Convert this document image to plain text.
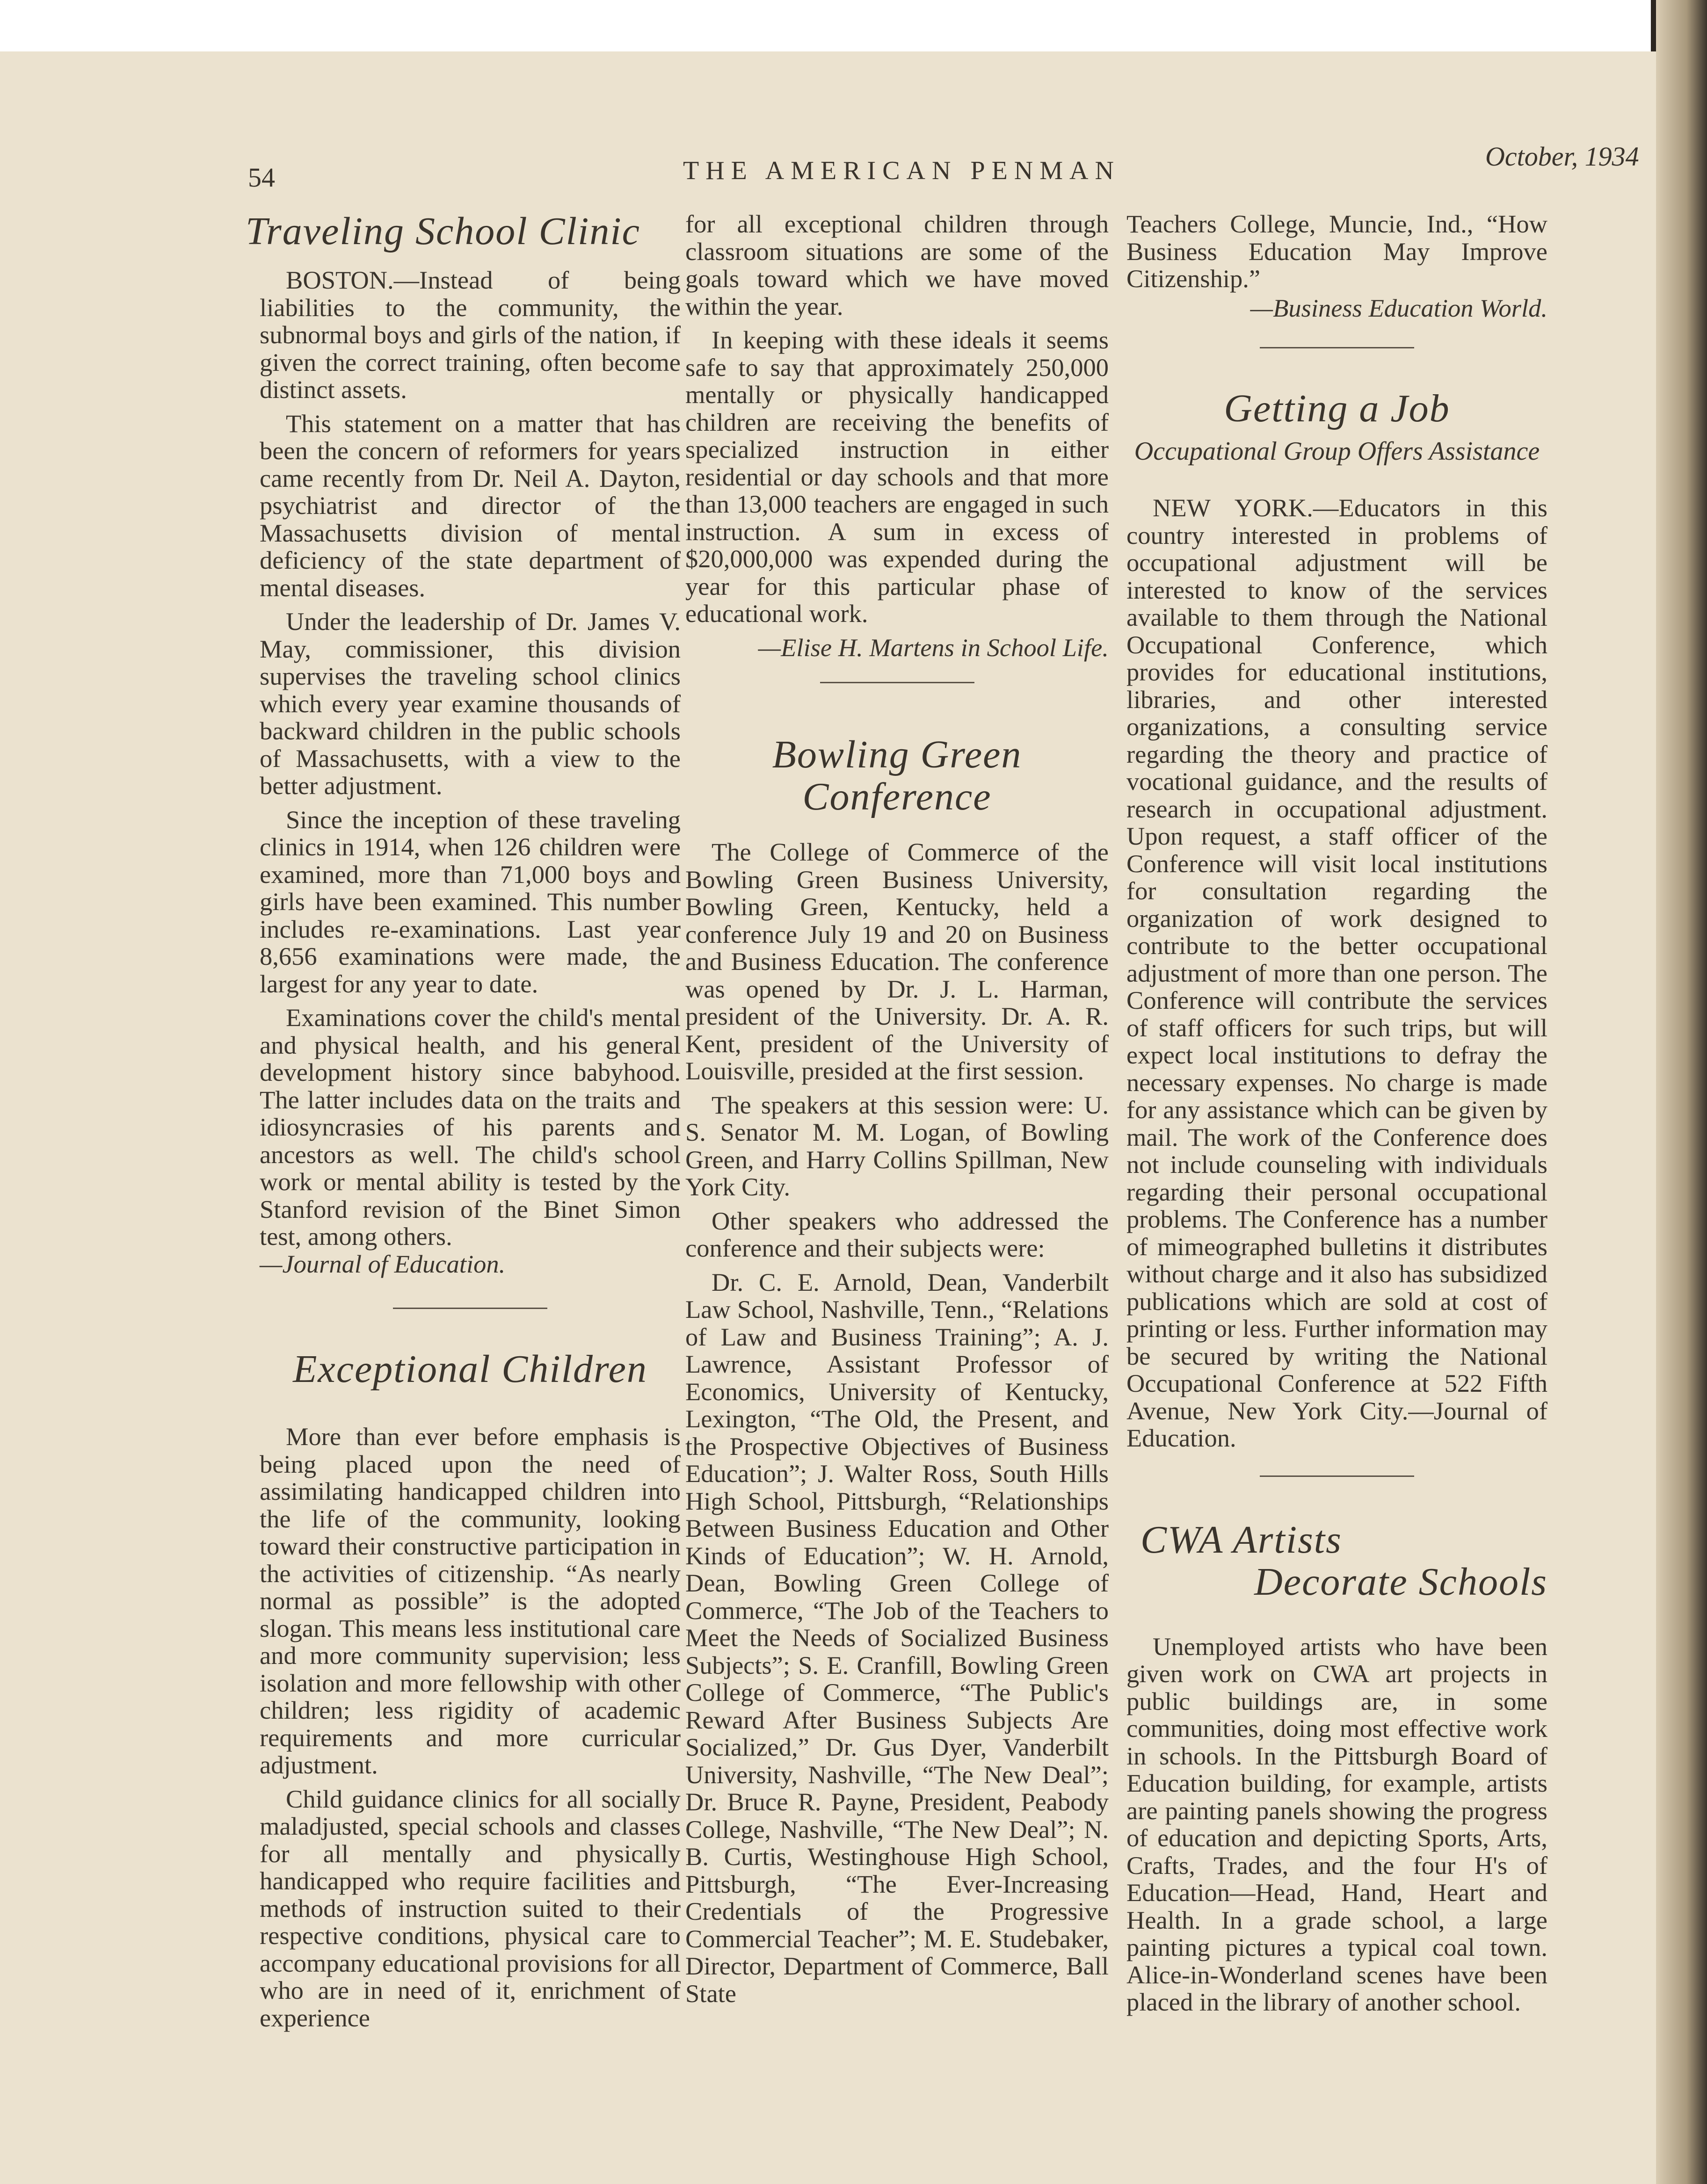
54	THE AMERICAN PENMAN	October, 1934
Traveling School Clinic

BOSTON.—Instead of being liabilities to the community, the subnormal boys and girls of the nation, if given the correct training, often become distinct assets.

This statement on a matter that has been the concern of reformers for years came recently from Dr. Neil A. Dayton, psychiatrist and director of the Massachusetts division of mental deficiency of the state department of mental diseases.

Under the leadership of Dr. James V. May, commissioner, this division supervises the traveling school clinics which every year examine thousands of backward children in the public schools of Massachusetts, with a view to the better adjustment.

Since the inception of these traveling clinics in 1914, when 126 children were examined, more than 71,000 boys and girls have been examined. This number includes re-examinations. Last year 8,656 examinations were made, the largest for any year to date.

Examinations cover the child's mental and physical health, and his general development history since babyhood. The latter includes data on the traits and idiosyncrasies of his parents and ancestors as well. The child's school work or mental ability is tested by the Stanford revision of the Binet Simon test, among others.

—Journal of Education.

Exceptional Children

More than ever before emphasis is being placed upon the need of assimilating handicapped children into the life of the community, looking toward their constructive participation in the activities of citizenship. “As nearly normal as possible” is the adopted slogan. This means less institutional care and more community supervision; less isolation and more fellowship with other children; less rigidity of academic requirements and more curricular adjustment.

Child guidance clinics for all socially maladjusted, special schools and classes for all mentally and physically handicapped who require facilities and methods of instruction suited to their respective conditions, physical care to accompany educational provisions for all who are in need of it, enrichment of experience

for all exceptional children through classroom situations are some of the goals toward which we have moved within the year.

In keeping with these ideals it seems safe to say that approximately 250,000 mentally or physically handicapped children are receiving the benefits of specialized instruction in either residential or day schools and that more than 13,000 teachers are engaged in such instruction. A sum in excess of $20,000,000 was expended during the year for this particular phase of educational work.

—Elise H. Martens in School Life.

Bowling Green
Conference

The College of Commerce of the Bowling Green Business University, Bowling Green, Kentucky, held a conference July 19 and 20 on Business and Business Education. The conference was opened by Dr. J. L. Harman, president of the University. Dr. A. R. Kent, president of the University of Louisville, presided at the first session.

The speakers at this session were: U. S. Senator M. M. Logan, of Bowling Green, and Harry Collins Spillman, New York City.

Other speakers who addressed the conference and their subjects were:

Dr. C. E. Arnold, Dean, Vanderbilt Law School, Nashville, Tenn., “Relations of Law and Business Training”; A. J. Lawrence, Assistant Professor of Economics, University of Kentucky, Lexington, “The Old, the Present, and the Prospective Objectives of Business Education”; J. Walter Ross, South Hills High School, Pittsburgh, “Relationships Between Business Education and Other Kinds of Education”; W. H. Arnold, Dean, Bowling Green College of Commerce, “The Job of the Teachers to Meet the Needs of Socialized Business Subjects”; S. E. Cranfill, Bowling Green College of Commerce, “The Public's Reward After Business Subjects Are Socialized,” Dr. Gus Dyer, Vanderbilt University, Nashville, “The New Deal”; Dr. Bruce R. Payne, President, Peabody College, Nashville, “The New Deal”; N. B. Curtis, Westinghouse High School, Pittsburgh, “The Ever-Increasing Credentials of the Progressive Commercial Teacher”; M. E. Studebaker, Director, Department of Commerce, Ball State

Teachers College, Muncie, Ind., “How Business Education May Improve Citizenship.”

—Business Education World.

Getting a Job
Occupational Group Offers Assistance

NEW YORK.—Educators in this country interested in problems of occupational adjustment will be interested to know of the services available to them through the National Occupational Conference, which provides for educational institutions, libraries, and other interested organizations, a consulting service regarding the theory and practice of vocational guidance, and the results of research in occupational adjustment. Upon request, a staff officer of the Conference will visit local institutions for consultation regarding the organization of work designed to contribute to the better occupational adjustment of more than one person. The Conference will contribute the services of staff officers for such trips, but will expect local institutions to defray the necessary expenses. No charge is made for any assistance which can be given by mail. The work of the Conference does not include counseling with individuals regarding their personal occupational problems. The Conference has a number of mimeographed bulletins it distributes without charge and it also has subsidized publications which are sold at cost of printing or less. Further information may be secured by writing the National Occupational Conference at 522 Fifth Avenue, New York City.—Journal of Education.

CWA Artists
Decorate Schools

Unemployed artists who have been given work on CWA art projects in public buildings are, in some communities, doing most effective work in schools. In the Pittsburgh Board of Education building, for example, artists are painting panels showing the progress of education and depicting Sports, Arts, Crafts, Trades, and the four H's of Education—Head, Hand, Heart and Health. In a grade school, a large painting pictures a typical coal town. Alice-in-Wonderland scenes have been placed in the library of another school.
